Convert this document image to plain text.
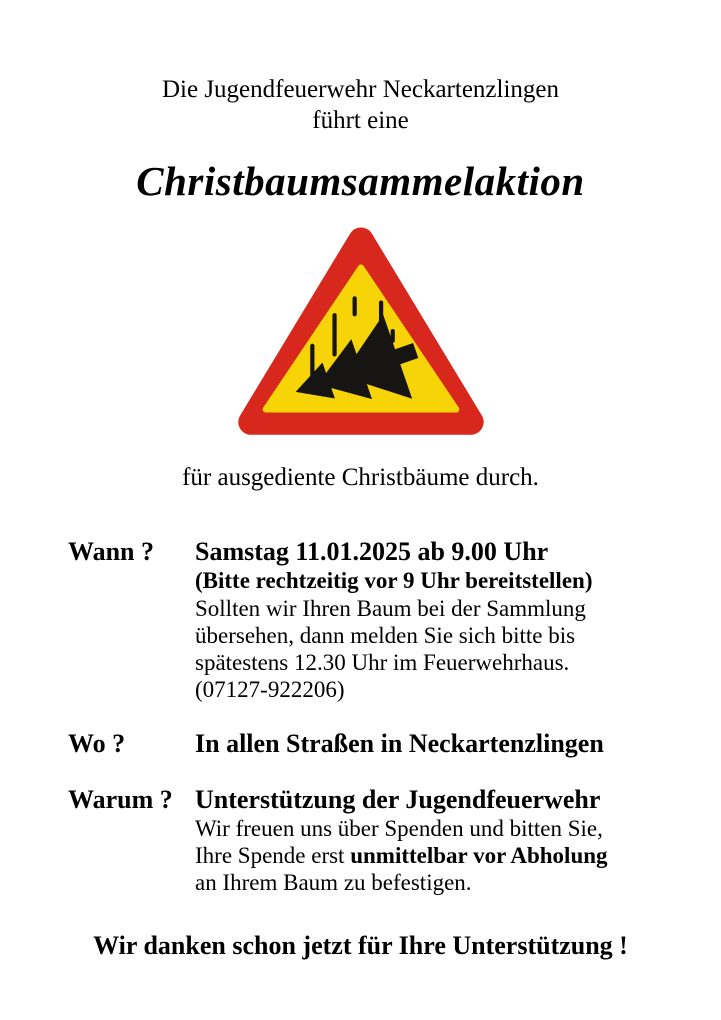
Die Jugendfeuerwehr Neckartenzlingen
führt eine
Christbaumsammelaktion
für ausgediente Christbäume durch.
Wann ?	Samstag 11.01.2025 ab 9.00 Uhr
(Bitte rechtzeitig vor 9 Uhr bereitstellen)
Sollten wir Ihren Baum bei der Sammlung
übersehen, dann melden Sie sich bitte bis
spätestens 12.30 Uhr im Feuerwehrhaus.
(07127-922206)
Wo ?	In allen Straßen in Neckartenzlingen
Warum ? Unterstützung der Jugendfeuerwehr
Wir freuen uns über Spenden und bitten Sie,
Ihre Spende erst unmittelbar vor Abholung
an Ihrem Baum zu befestigen.
Wir danken schon jetzt für Ihre Unterstützung !
